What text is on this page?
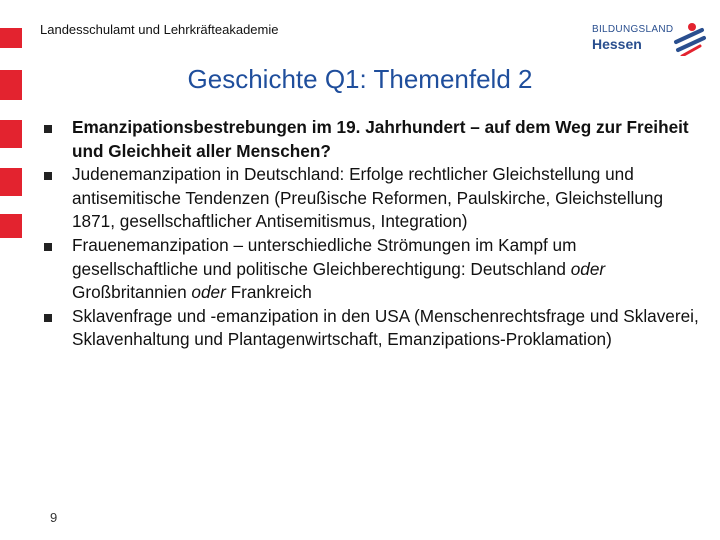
Landesschulamt und Lehrkräfteakademie	BILDUNGSLAND
Hessen
Geschichte Q1: Themenfeld 2
Emanzipationsbestrebungen im 19. Jahrhundert – auf dem Weg zur Freiheit und Gleichheit aller Menschen?
Judenemanzipation in Deutschland: Erfolge rechtlicher Gleichstellung und antisemitische Tendenzen (Preußische Reformen, Paulskirche, Gleichstellung 1871, gesellschaftlicher Antisemitismus, Integration)
Frauenemanzipation – unterschiedliche Strömungen im Kampf um gesellschaftliche und politische Gleichberechtigung: Deutschland oder Großbritannien oder Frankreich
Sklavenfrage und -emanzipation in den USA (Menschenrechtsfrage und Sklaverei, Sklavenhaltung und Plantagenwirtschaft, Emanzipations-Proklamation)
9
